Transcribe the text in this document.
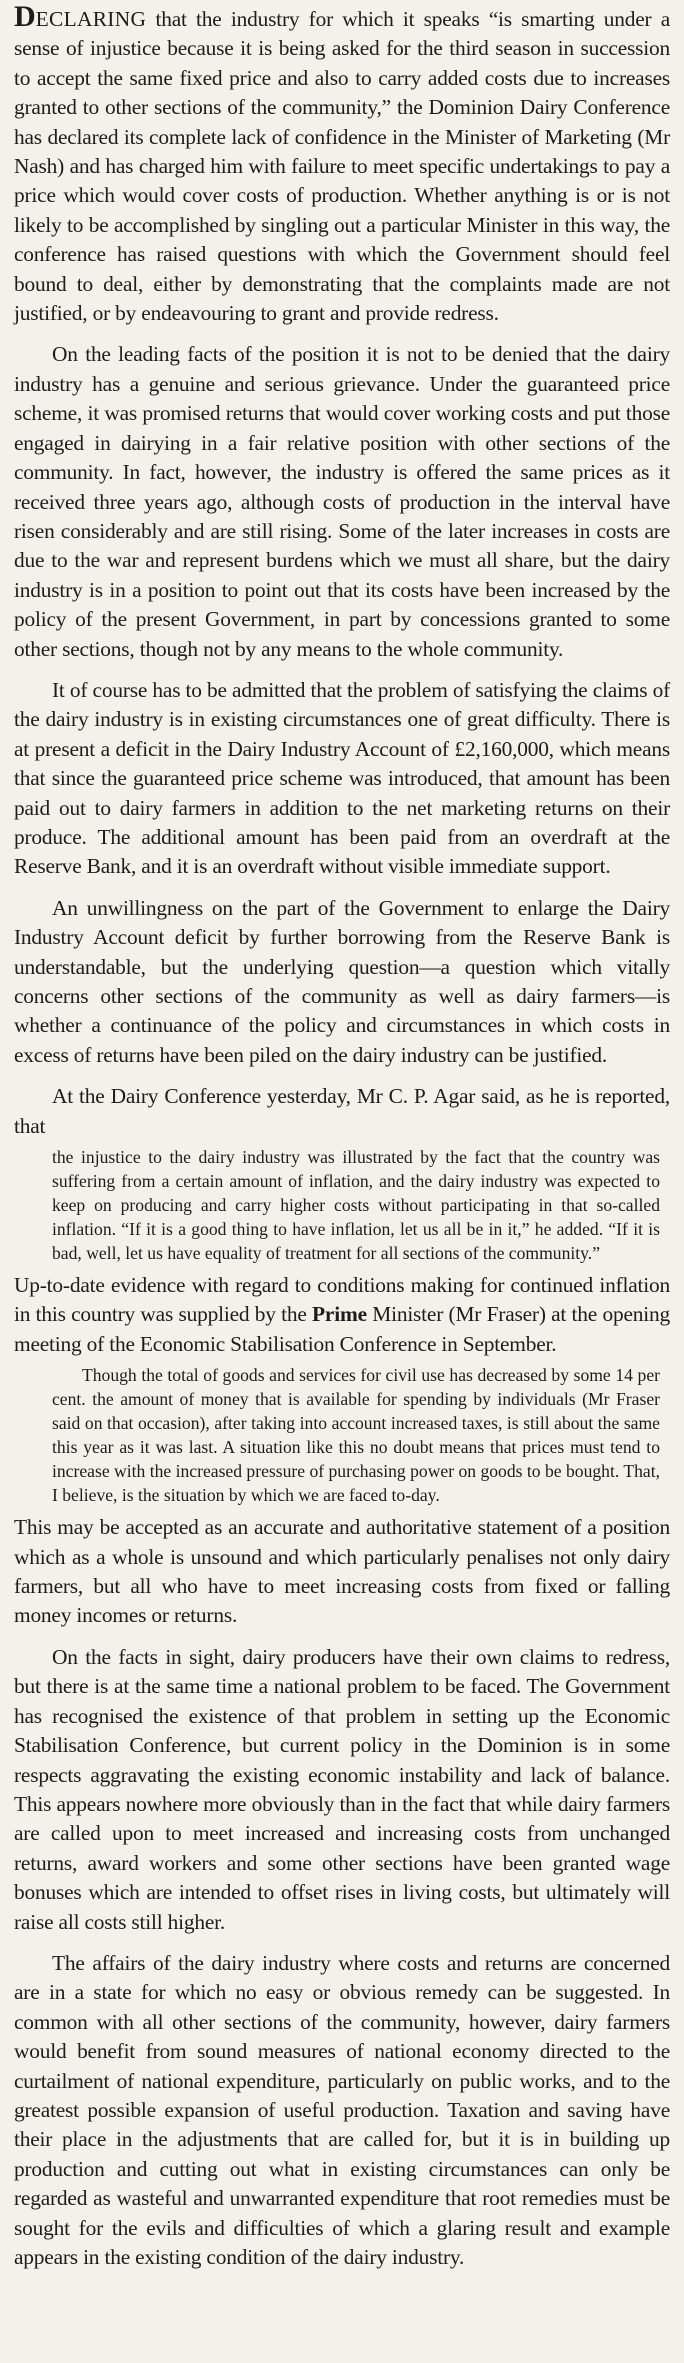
DECLARING that the industry for which it speaks “is smarting under a sense of injustice because it is being asked for the third season in succession to accept the same fixed price and also to carry added costs due to increases granted to other sections of the community,” the Dominion Dairy Conference has declared its complete lack of confidence in the Minister of Marketing (Mr Nash) and has charged him with failure to meet specific undertakings to pay a price which would cover costs of production. Whether anything is or is not likely to be accomplished by singling out a particular Minister in this way, the conference has raised questions with which the Government should feel bound to deal, either by demonstrating that the complaints made are not justified, or by endeavouring to grant and provide redress.

On the leading facts of the position it is not to be denied that the dairy industry has a genuine and serious grievance. Under the guaranteed price scheme, it was promised returns that would cover working costs and put those engaged in dairying in a fair relative position with other sections of the community. In fact, however, the industry is offered the same prices as it received three years ago, although costs of production in the interval have risen considerably and are still rising. Some of the later increases in costs are due to the war and represent burdens which we must all share, but the dairy industry is in a position to point out that its costs have been increased by the policy of the present Government, in part by concessions granted to some other sections, though not by any means to the whole community.

It of course has to be admitted that the problem of satisfying the claims of the dairy industry is in existing circumstances one of great difficulty. There is at present a deficit in the Dairy Industry Account of £2,160,000, which means that since the guaranteed price scheme was introduced, that amount has been paid out to dairy farmers in addition to the net marketing returns on their produce. The additional amount has been paid from an overdraft at the Reserve Bank, and it is an overdraft without visible immediate support.

An unwillingness on the part of the Government to enlarge the Dairy Industry Account deficit by further borrowing from the Reserve Bank is understandable, but the underlying question—a question which vitally concerns other sections of the community as well as dairy farmers—is whether a continuance of the policy and circumstances in which costs in excess of returns have been piled on the dairy industry can be justified.

At the Dairy Conference yesterday, Mr C. P. Agar said, as he is reported, that

the injustice to the dairy industry was illustrated by the fact that the country was suffering from a certain amount of inflation, and the dairy industry was expected to keep on producing and carry higher costs without participating in that so-called inflation. “If it is a good thing to have inflation, let us all be in it,” he added. “If it is bad, well, let us have equality of treatment for all sections of the community.”

Up-to-date evidence with regard to conditions making for continued inflation in this country was supplied by the Prime Minister (Mr Fraser) at the opening meeting of the Economic Stabilisation Conference in September.

Though the total of goods and services for civil use has decreased by some 14 per cent. the amount of money that is available for spending by individuals (Mr Fraser said on that occasion), after taking into account increased taxes, is still about the same this year as it was last. A situation like this no doubt means that prices must tend to increase with the increased pressure of purchasing power on goods to be bought. That, I believe, is the situation by which we are faced to-day.

This may be accepted as an accurate and authoritative statement of a position which as a whole is unsound and which particularly penalises not only dairy farmers, but all who have to meet increasing costs from fixed or falling money incomes or returns.

On the facts in sight, dairy producers have their own claims to redress, but there is at the same time a national problem to be faced. The Government has recognised the existence of that problem in setting up the Economic Stabilisation Conference, but current policy in the Dominion is in some respects aggravating the existing economic instability and lack of balance. This appears nowhere more obviously than in the fact that while dairy farmers are called upon to meet increased and increasing costs from unchanged returns, award workers and some other sections have been granted wage bonuses which are intended to offset rises in living costs, but ultimately will raise all costs still higher.

The affairs of the dairy industry where costs and returns are concerned are in a state for which no easy or obvious remedy can be suggested. In common with all other sections of the community, however, dairy farmers would benefit from sound measures of national economy directed to the curtailment of national expenditure, particularly on public works, and to the greatest possible expansion of useful production. Taxation and saving have their place in the adjustments that are called for, but it is in building up production and cutting out what in existing circumstances can only be regarded as wasteful and unwarranted expenditure that root remedies must be sought for the evils and difficulties of which a glaring result and example appears in the existing condition of the dairy industry.
